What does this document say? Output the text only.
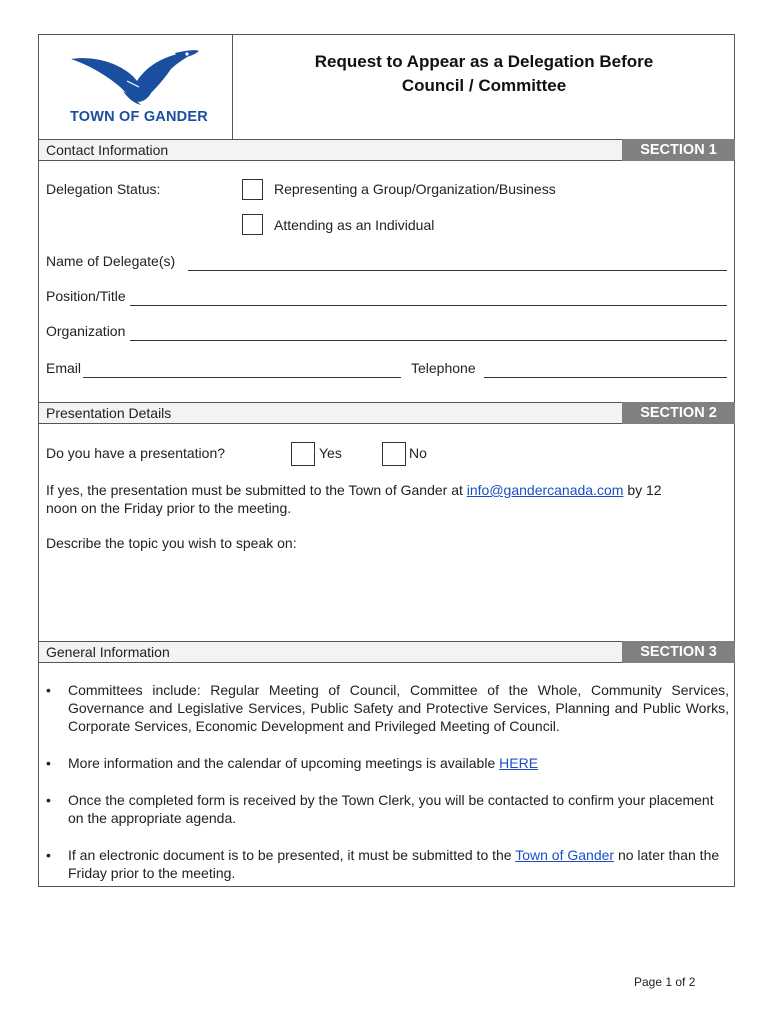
TOWN OF GANDER
Request to Appear as a Delegation Before
Council / Committee
Contact Information	SECTION 1
Delegation Status:	Representing a Group/Organization/Business
Attending as an Individual
Name of Delegate(s)
Position/Title
Organization
Email	Telephone
Presentation Details	SECTION 2
Do you have a presentation?	Yes	No
If yes, the presentation must be submitted to the Town of Gander at info@gandercanada.com by 12
noon on the Friday prior to the meeting.
Describe the topic you wish to speak on:
General Information	SECTION 3
• Committees include: Regular Meeting of Council, Committee of the Whole, Community Services, Governance and Legislative Services, Public Safety and Protective Services, Planning and Public Works, Corporate Services, Economic Development and Privileged Meeting of Council.
• More information and the calendar of upcoming meetings is available HERE
• Once the completed form is received by the Town Clerk, you will be contacted to confirm your placement on the appropriate agenda.
• If an electronic document is to be presented, it must be submitted to the Town of Gander no later than the Friday prior to the meeting.
Page 1 of 2
